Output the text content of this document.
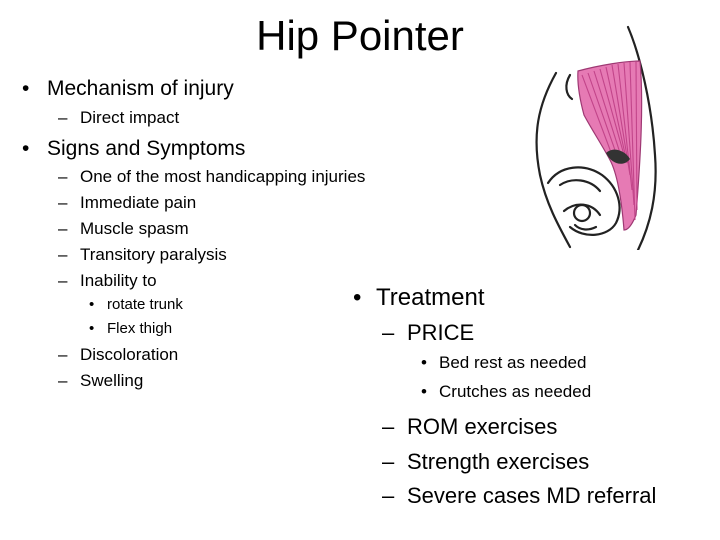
Hip Pointer
• Mechanism of injury
– Direct impact
• Signs and Symptoms
– One of the most handicapping injuries
– Immediate pain
– Muscle spasm
– Transitory paralysis
– Inability to
• rotate trunk
• Flex thigh
– Discoloration
– Swelling
• Treatment
– PRICE
• Bed rest as needed
• Crutches as needed
– ROM exercises
– Strength exercises
– Severe cases MD referral
